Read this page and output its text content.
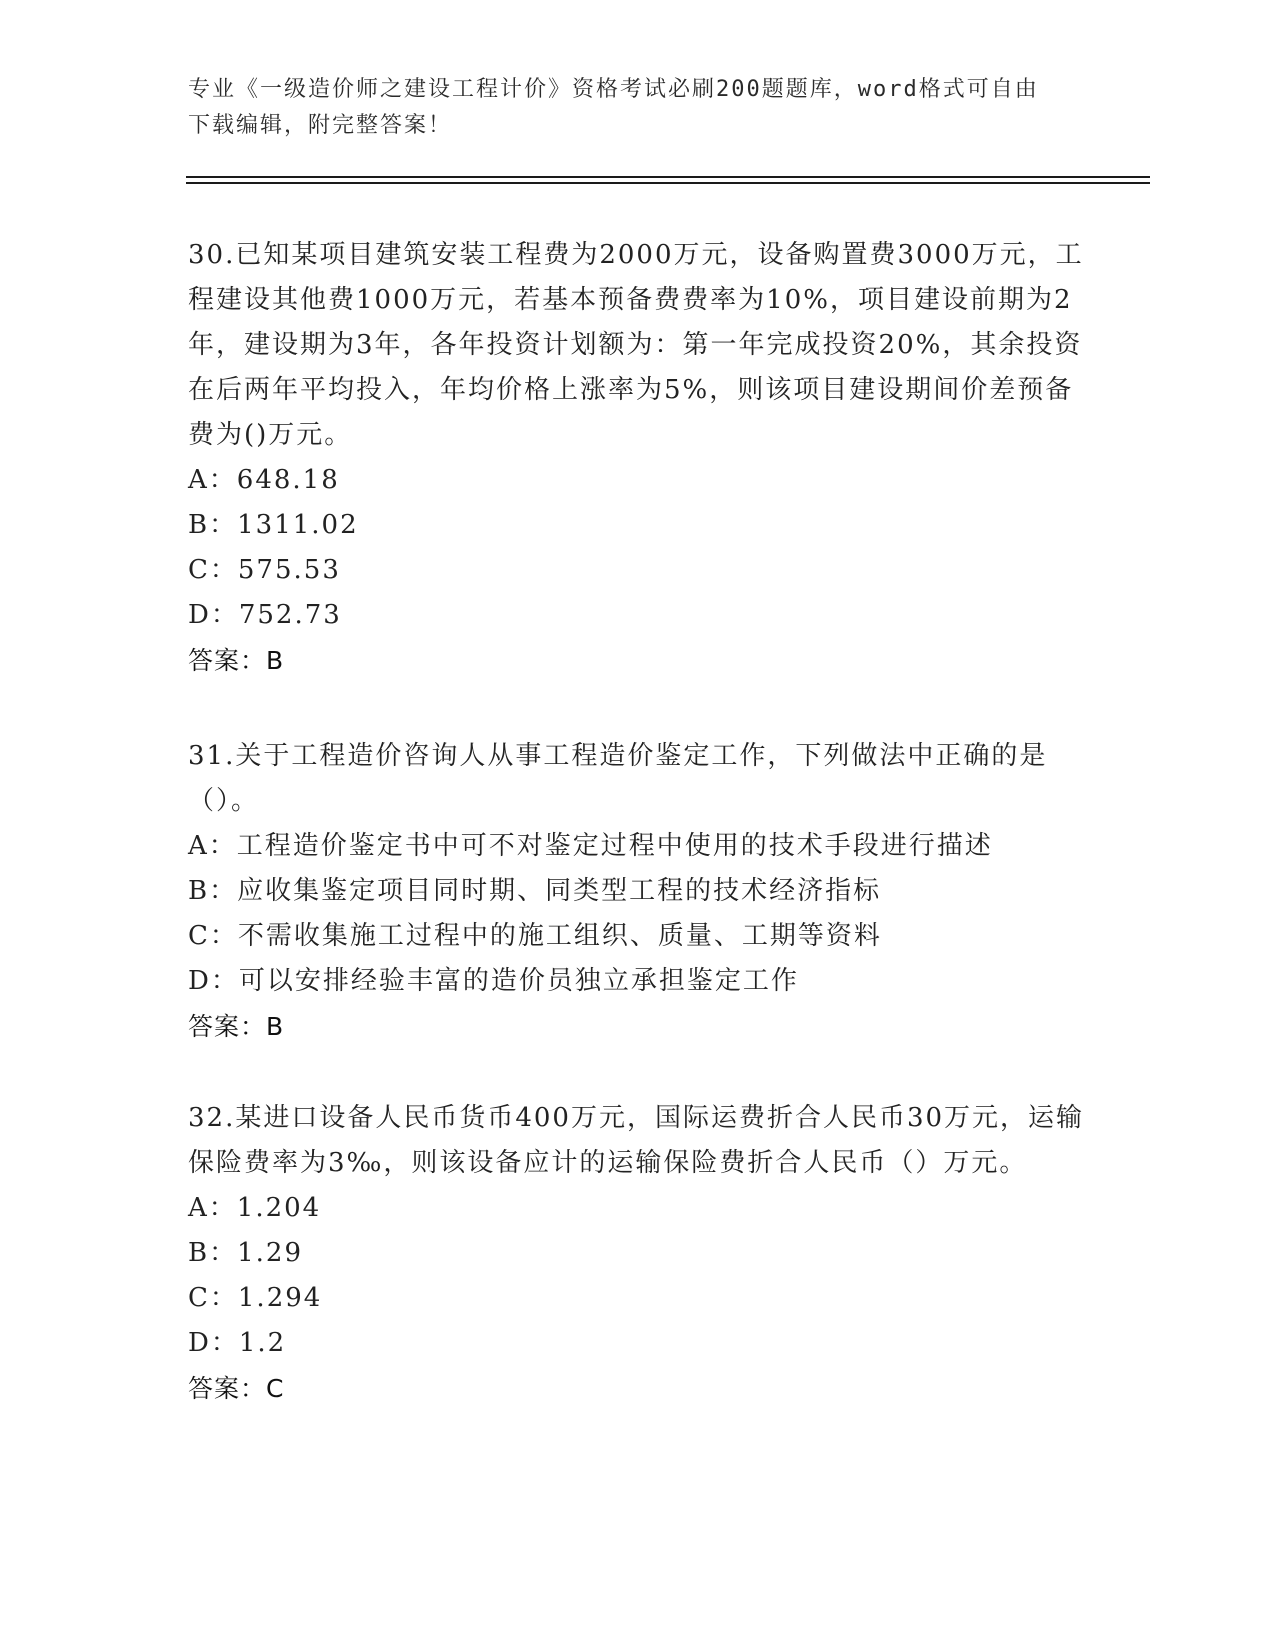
专业《一级造价师之建设工程计价》资格考试必刷200题题库，word格式可自由
下载编辑，附完整答案！

30.已知某项目建筑安装工程费为2000万元，设备购置费3000万元，工程建设其他费1000万元，若基本预备费费率为10%，项目建设前期为2年，建设期为3年，各年投资计划额为：第一年完成投资20%，其余投资在后两年平均投入，年均价格上涨率为5%，则该项目建设期间价差预备费为()万元。

A：648.18
B：1311.02
C：575.53
D：752.73
答案：B

31.关于工程造价咨询人从事工程造价鉴定工作，下列做法中正确的是（）。

A：工程造价鉴定书中可不对鉴定过程中使用的技术手段进行描述
B：应收集鉴定项目同时期、同类型工程的技术经济指标
C：不需收集施工过程中的施工组织、质量、工期等资料
D：可以安排经验丰富的造价员独立承担鉴定工作
答案：B

32.某进口设备人民币货币400万元，国际运费折合人民币30万元，运输保险费率为3‰，则该设备应计的运输保险费折合人民币（）万元。

A：1.204
B：1.29
C：1.294
D：1.2
答案：C
